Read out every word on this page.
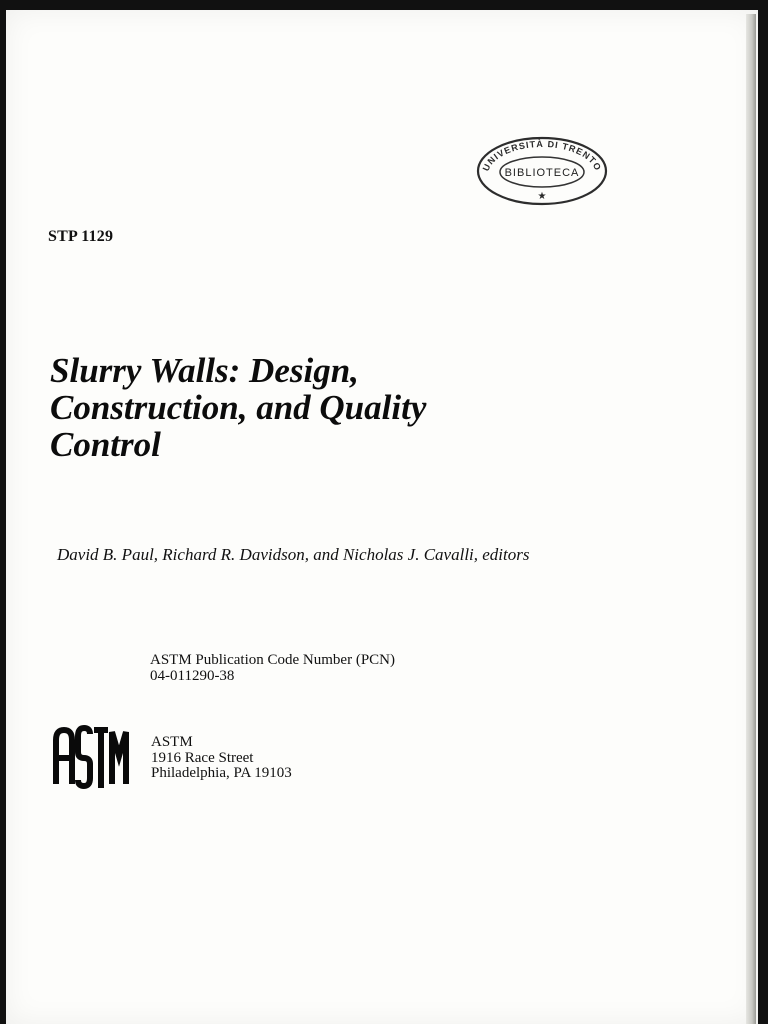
UNIVERSITÀ DI TRENTO
BIBLIOTECA
★
STP 1129
Slurry Walls: Design,
Construction, and Quality
Control
David B. Paul, Richard R. Davidson, and Nicholas J. Cavalli, editors
ASTM Publication Code Number (PCN)
04-011290-38
ASTM
1916 Race Street
Philadelphia, PA 19103
